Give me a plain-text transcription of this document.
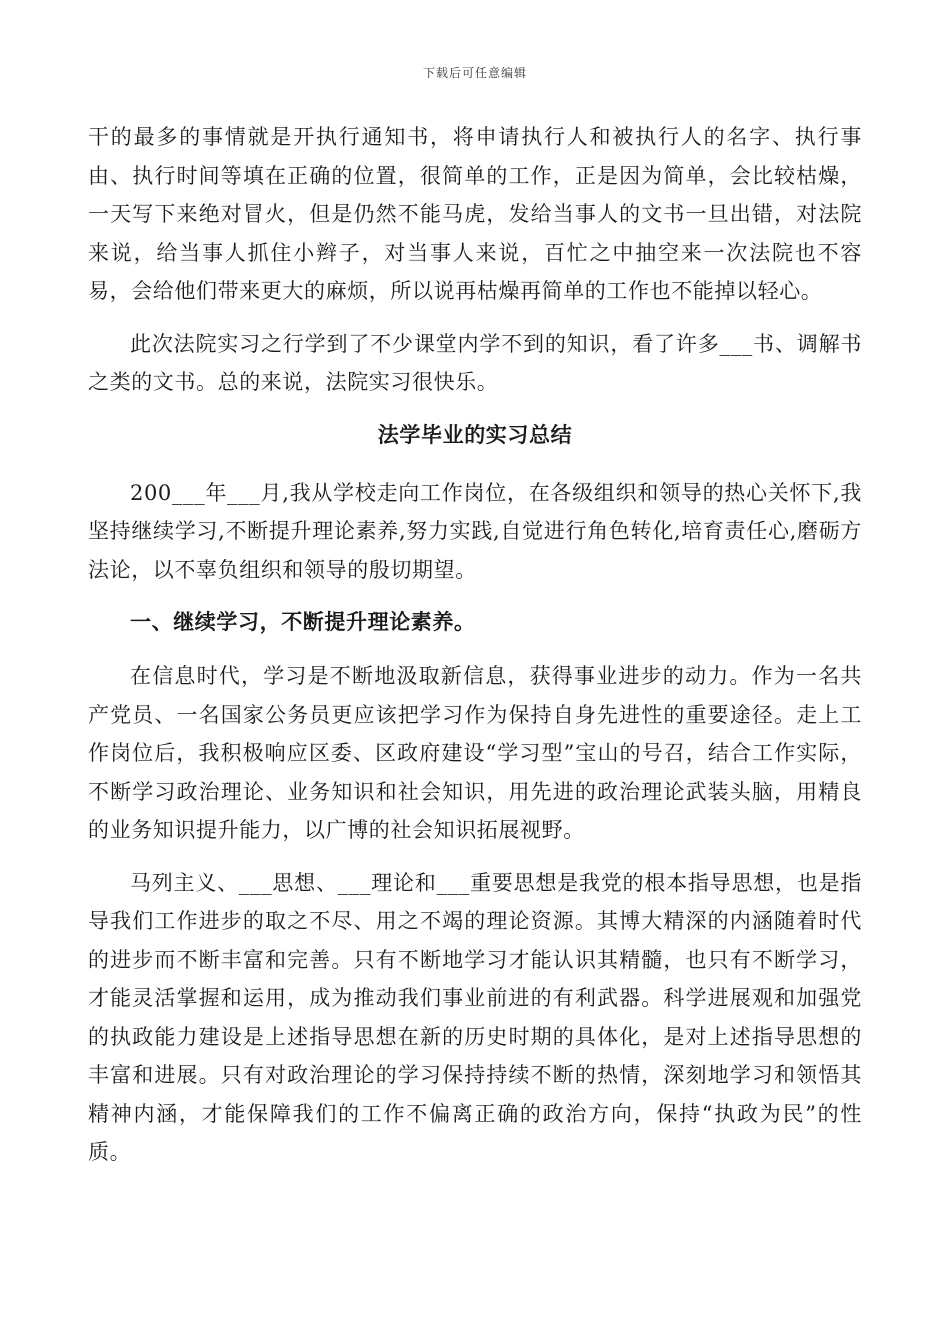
下载后可任意编辑

干的最多的事情就是开执行通知书，将申请执行人和被执行人的名字、执行事由、执行时间等填在正确的位置，很简单的工作，正是因为简单，会比较枯燥，一天写下来绝对冒火，但是仍然不能马虎，发给当事人的文书一旦出错，对法院来说，给当事人抓住小辫子，对当事人来说，百忙之中抽空来一次法院也不容易，会给他们带来更大的麻烦，所以说再枯燥再简单的工作也不能掉以轻心。

此次法院实习之行学到了不少课堂内学不到的知识，看了许多___书、调解书之类的文书。总的来说，法院实习很快乐。

法学毕业的实习总结

200___年___月,我从学校走向工作岗位，在各级组织和领导的热心关怀下,我坚持继续学习,不断提升理论素养,努力实践,自觉进行角色转化,培育责任心,磨砺方法论，以不辜负组织和领导的殷切期望。

一、继续学习，不断提升理论素养。

在信息时代，学习是不断地汲取新信息，获得事业进步的动力。作为一名共产党员、一名国家公务员更应该把学习作为保持自身先进性的重要途径。走上工作岗位后，我积极响应区委、区政府建设“学习型”宝山的号召，结合工作实际，不断学习政治理论、业务知识和社会知识，用先进的政治理论武装头脑，用精良的业务知识提升能力，以广博的社会知识拓展视野。

马列主义、___思想、___理论和___重要思想是我党的根本指导思想，也是指导我们工作进步的取之不尽、用之不竭的理论资源。其博大精深的内涵随着时代的进步而不断丰富和完善。只有不断地学习才能认识其精髓，也只有不断学习，才能灵活掌握和运用，成为推动我们事业前进的有利武器。科学进展观和加强党的执政能力建设是上述指导思想在新的历史时期的具体化，是对上述指导思想的丰富和进展。只有对政治理论的学习保持持续不断的热情，深刻地学习和领悟其精神内涵，才能保障我们的工作不偏离正确的政治方向，保持“执政为民”的性质。
